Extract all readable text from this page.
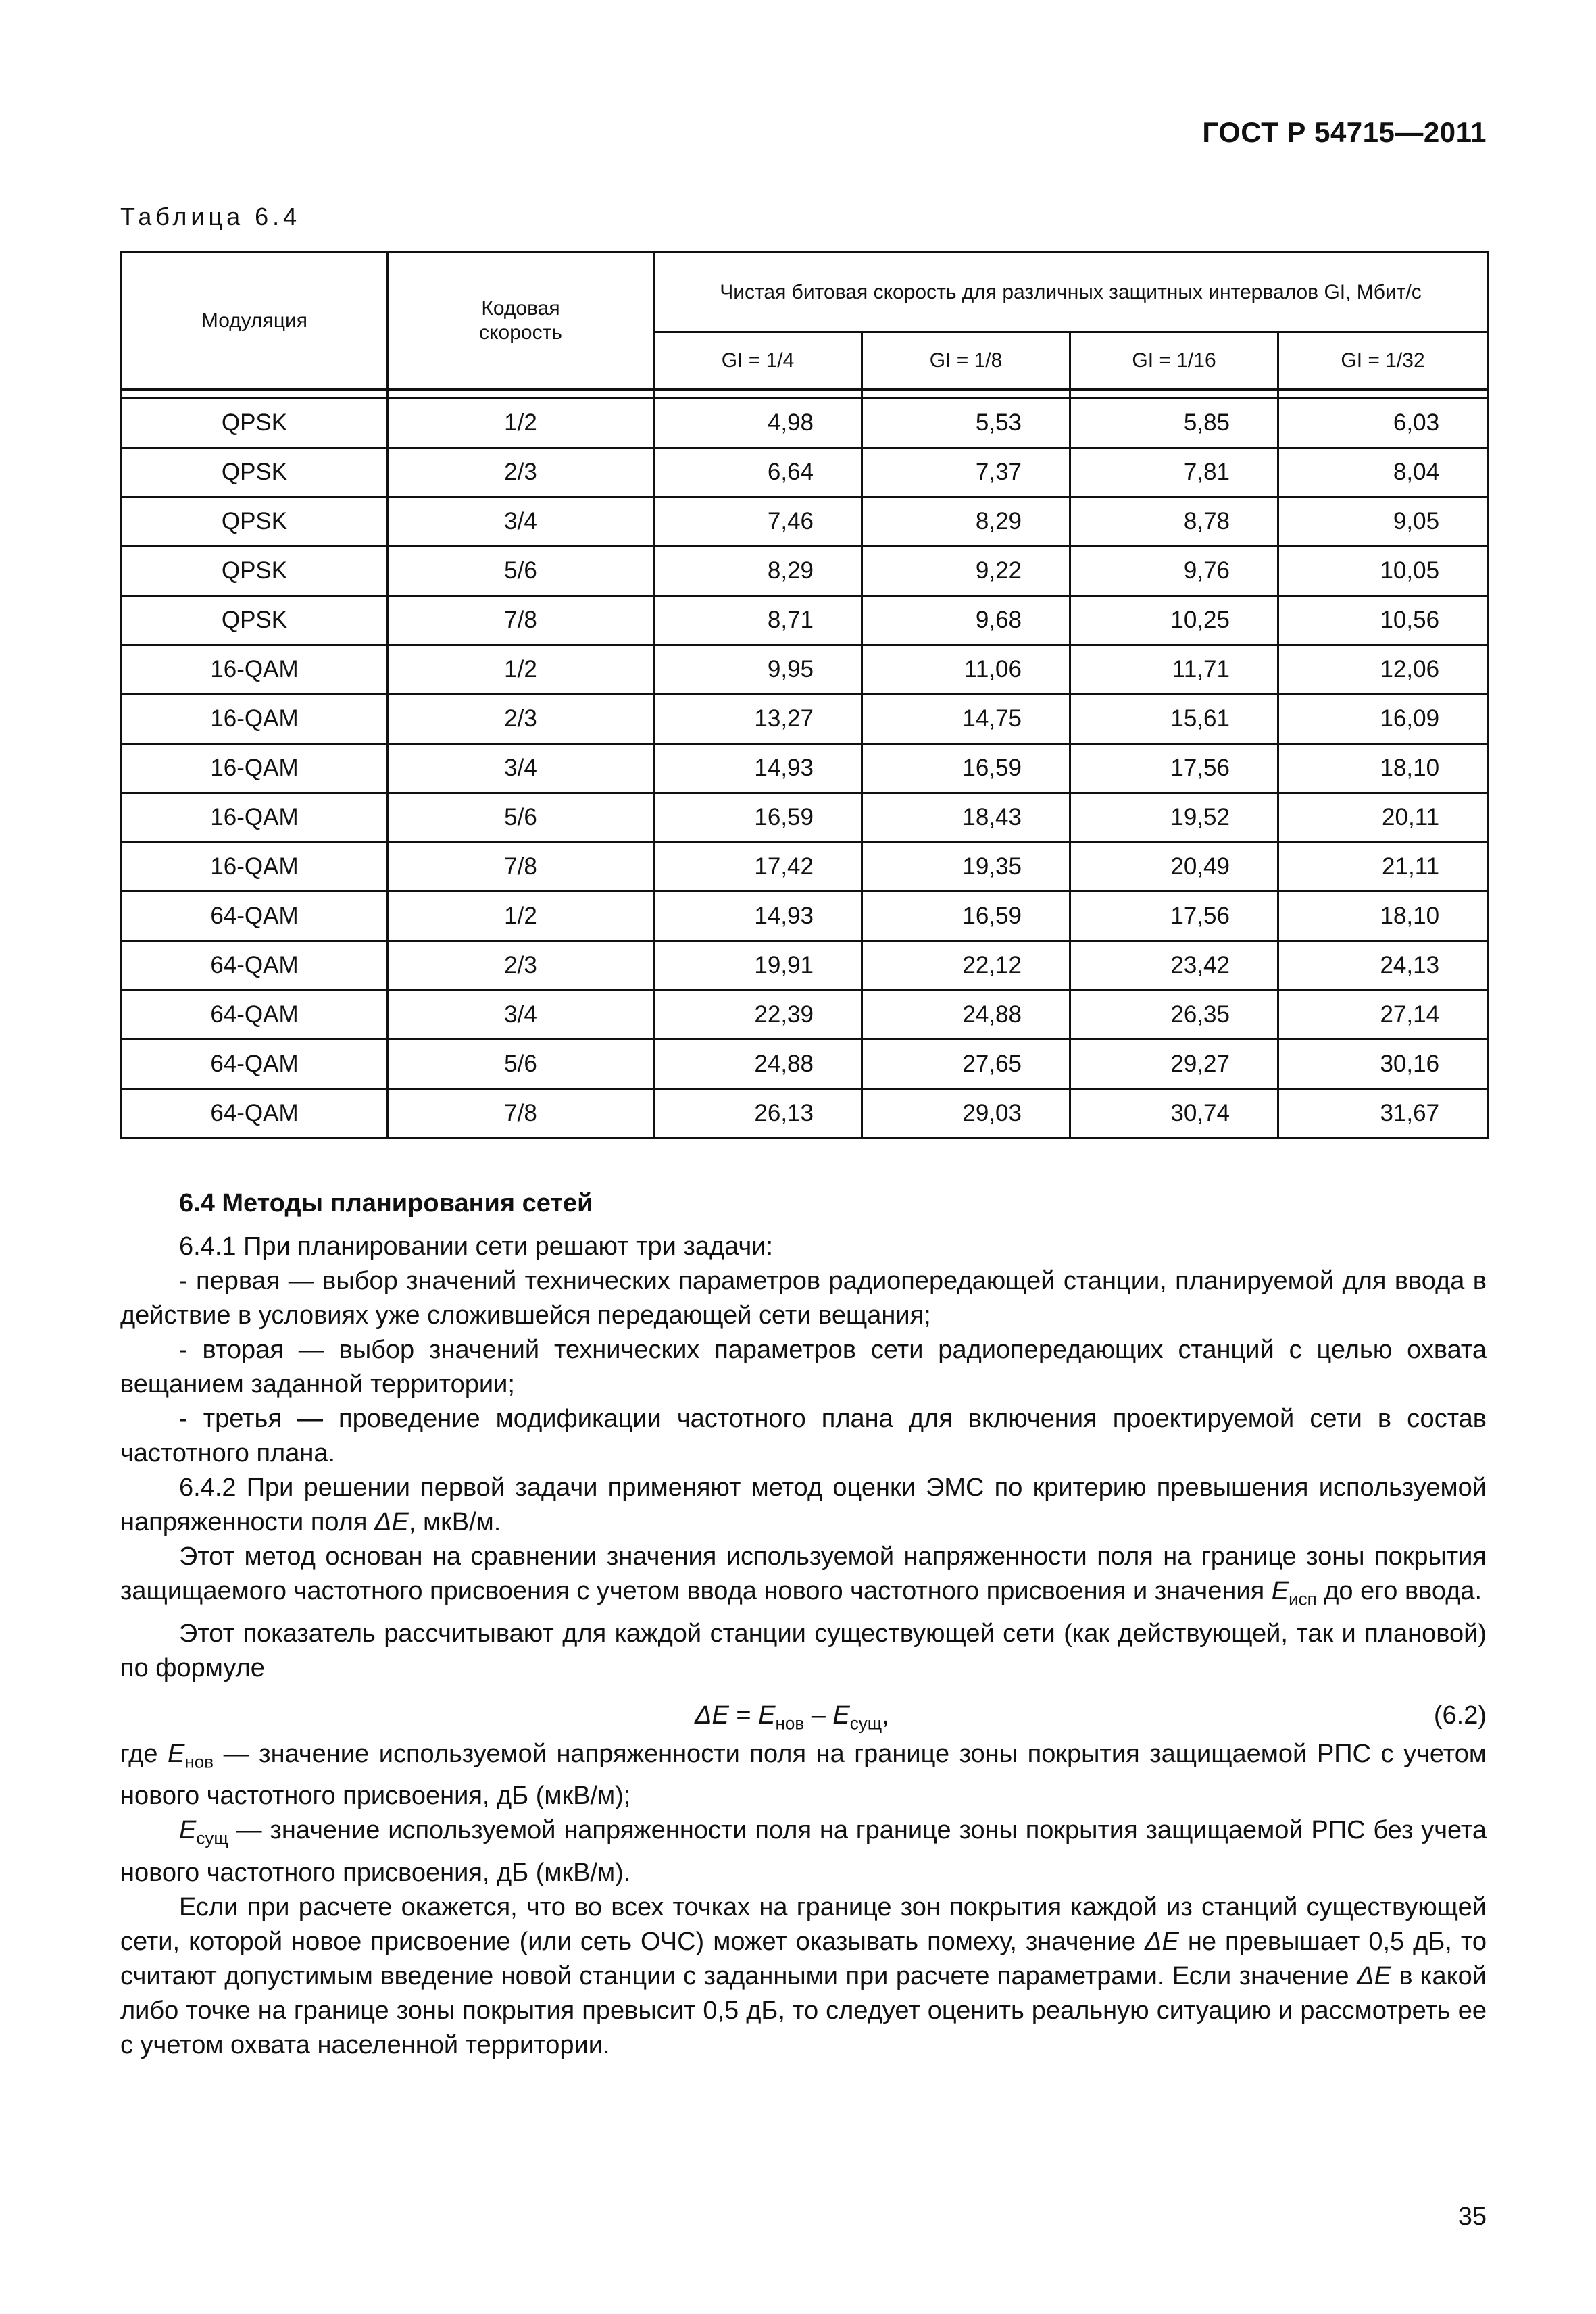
ГОСТ Р 54715—2011
Таблица 6.4
Модуляция	Кодовая скорость	Чистая битовая скорость для различных защитных интервалов GI, Мбит/с			
		GI = 1/4	GI = 1/8	GI = 1/16	GI = 1/32

QPSK	1/2	4,98	5,53	5,85	6,03
QPSK	2/3	6,64	7,37	7,81	8,04
QPSK	3/4	7,46	8,29	8,78	9,05
QPSK	5/6	8,29	9,22	9,76	10,05
QPSK	7/8	8,71	9,68	10,25	10,56
16-QAM	1/2	9,95	11,06	11,71	12,06
16-QAM	2/3	13,27	14,75	15,61	16,09
16-QAM	3/4	14,93	16,59	17,56	18,10
16-QAM	5/6	16,59	18,43	19,52	20,11
16-QAM	7/8	17,42	19,35	20,49	21,11
64-QAM	1/2	14,93	16,59	17,56	18,10
64-QAM	2/3	19,91	22,12	23,42	24,13
64-QAM	3/4	22,39	24,88	26,35	27,14
64-QAM	5/6	24,88	27,65	29,27	30,16
64-QAM	7/8	26,13	29,03	30,74	31,67
6.4 Методы планирования сетей

6.4.1 При планировании сети решают три задачи:

- первая — выбор значений технических параметров радиопередающей станции, планируемой для ввода в действие в условиях уже сложившейся передающей сети вещания;

- вторая — выбор значений технических параметров сети радиопередающих станций с целью охвата вещанием заданной территории;

- третья — проведение модификации частотного плана для включения проектируемой сети в состав частотного плана.

6.4.2 При решении первой задачи применяют метод оценки ЭМС по критерию превышения используемой напряженности поля ΔE, мкВ/м.

Этот метод основан на сравнении значения используемой напряженности поля на границе зоны покрытия защищаемого частотного присвоения с учетом ввода нового частотного присвоения и значения $E_{исп}$ до его ввода.

Этот показатель рассчитывают для каждой станции существующей сети (как действующей, так и плановой) по формуле

$\Delta E = E_{нов} - E_{сущ}$,	(6.2)

где $E_{нов}$ — значение используемой напряженности поля на границе зоны покрытия защищаемой РПС с учетом нового частотного присвоения, дБ (мкВ/м);

$E_{сущ}$ — значение используемой напряженности поля на границе зоны покрытия защищаемой РПС без учета нового частотного присвоения, дБ (мкВ/м).

Если при расчете окажется, что во всех точках на границе зон покрытия каждой из станций существующей сети, которой новое присвоение (или сеть ОЧС) может оказывать помеху, значение ΔE не превышает 0,5 дБ, то считают допустимым введение новой станции с заданными при расчете параметрами. Если значение ΔE в какой либо точке на границе зоны покрытия превысит 0,5 дБ, то следует оценить реальную ситуацию и рассмотреть ее с учетом охвата населенной территории.

35
